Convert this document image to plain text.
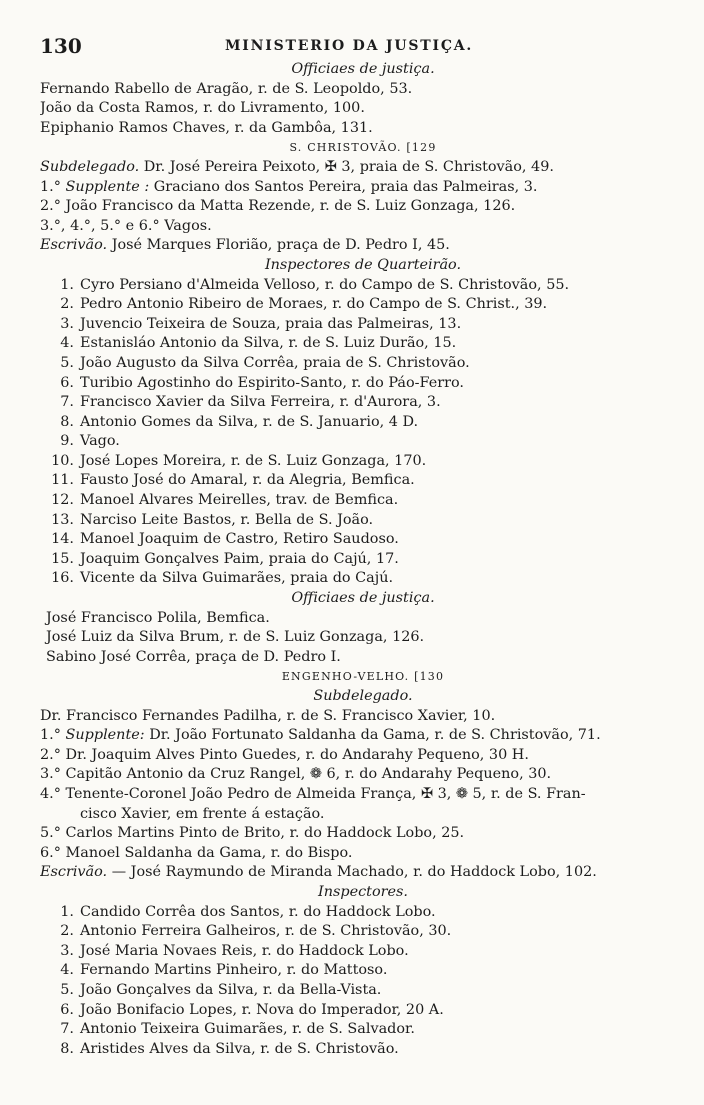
130	MINISTERIO DA JUSTIÇA.
Officiaes de justiça.
Fernando Rabello de Aragão, r. de S. Leopoldo, 53.
João da Costa Ramos, r. do Livramento, 100.
Epiphanio Ramos Chaves, r. da Gambôa, 131.
S. CHRISTOVÃO. [129
Subdelegado. Dr. José Pereira Peixoto, ✠ 3, praia de S. Christovão, 49.
1.° Supplente : Graciano dos Santos Pereira, praia das Palmeiras, 3.
2.° João Francisco da Matta Rezende, r. de S. Luiz Gonzaga, 126.
3.°, 4.°, 5.° e 6.° Vagos.
Escrivão. José Marques Florião, praça de D. Pedro I, 45.
Inspectores de Quarteirão.
1. Cyro Persiano d'Almeida Velloso, r. do Campo de S. Christovão, 55.
2. Pedro Antonio Ribeiro de Moraes, r. do Campo de S. Christ., 39.
3. Juvencio Teixeira de Souza, praia das Palmeiras, 13.
4. Estanisláo Antonio da Silva, r. de S. Luiz Durão, 15.
5. João Augusto da Silva Corrêa, praia de S. Christovão.
6. Turibio Agostinho do Espirito-Santo, r. do Páo-Ferro.
7. Francisco Xavier da Silva Ferreira, r. d'Aurora, 3.
8. Antonio Gomes da Silva, r. de S. Januario, 4 D.
9. Vago.
10. José Lopes Moreira, r. de S. Luiz Gonzaga, 170.
11. Fausto José do Amaral, r. da Alegria, Bemfica.
12. Manoel Alvares Meirelles, trav. de Bemfica.
13. Narciso Leite Bastos, r. Bella de S. João.
14. Manoel Joaquim de Castro, Retiro Saudoso.
15. Joaquim Gonçalves Paim, praia do Cajú, 17.
16. Vicente da Silva Guimarães, praia do Cajú.
Officiaes de justiça.
José Francisco Polila, Bemfica.
José Luiz da Silva Brum, r. de S. Luiz Gonzaga, 126.
Sabino José Corrêa, praça de D. Pedro I.
ENGENHO-VELHO. [130
Subdelegado.
Dr. Francisco Fernandes Padilha, r. de S. Francisco Xavier, 10.
1.° Supplente: Dr. João Fortunato Saldanha da Gama, r. de S. Christovão, 71.
2.° Dr. Joaquim Alves Pinto Guedes, r. do Andarahy Pequeno, 30 H.
3.° Capitão Antonio da Cruz Rangel, ❁ 6, r. do Andarahy Pequeno, 30.
4.° Tenente-Coronel João Pedro de Almeida França, ✠ 3, ❁ 5, r. de S. Fran-
cisco Xavier, em frente á estação.
5.° Carlos Martins Pinto de Brito, r. do Haddock Lobo, 25.
6.° Manoel Saldanha da Gama, r. do Bispo.
Escrivão. — José Raymundo de Miranda Machado, r. do Haddock Lobo, 102.
Inspectores.
1. Candido Corrêa dos Santos, r. do Haddock Lobo.
2. Antonio Ferreira Galheiros, r. de S. Christovão, 30.
3. José Maria Novaes Reis, r. do Haddock Lobo.
4. Fernando Martins Pinheiro, r. do Mattoso.
5. João Gonçalves da Silva, r. da Bella-Vista.
6. João Bonifacio Lopes, r. Nova do Imperador, 20 A.
7. Antonio Teixeira Guimarães, r. de S. Salvador.
8. Aristides Alves da Silva, r. de S. Christovão.
